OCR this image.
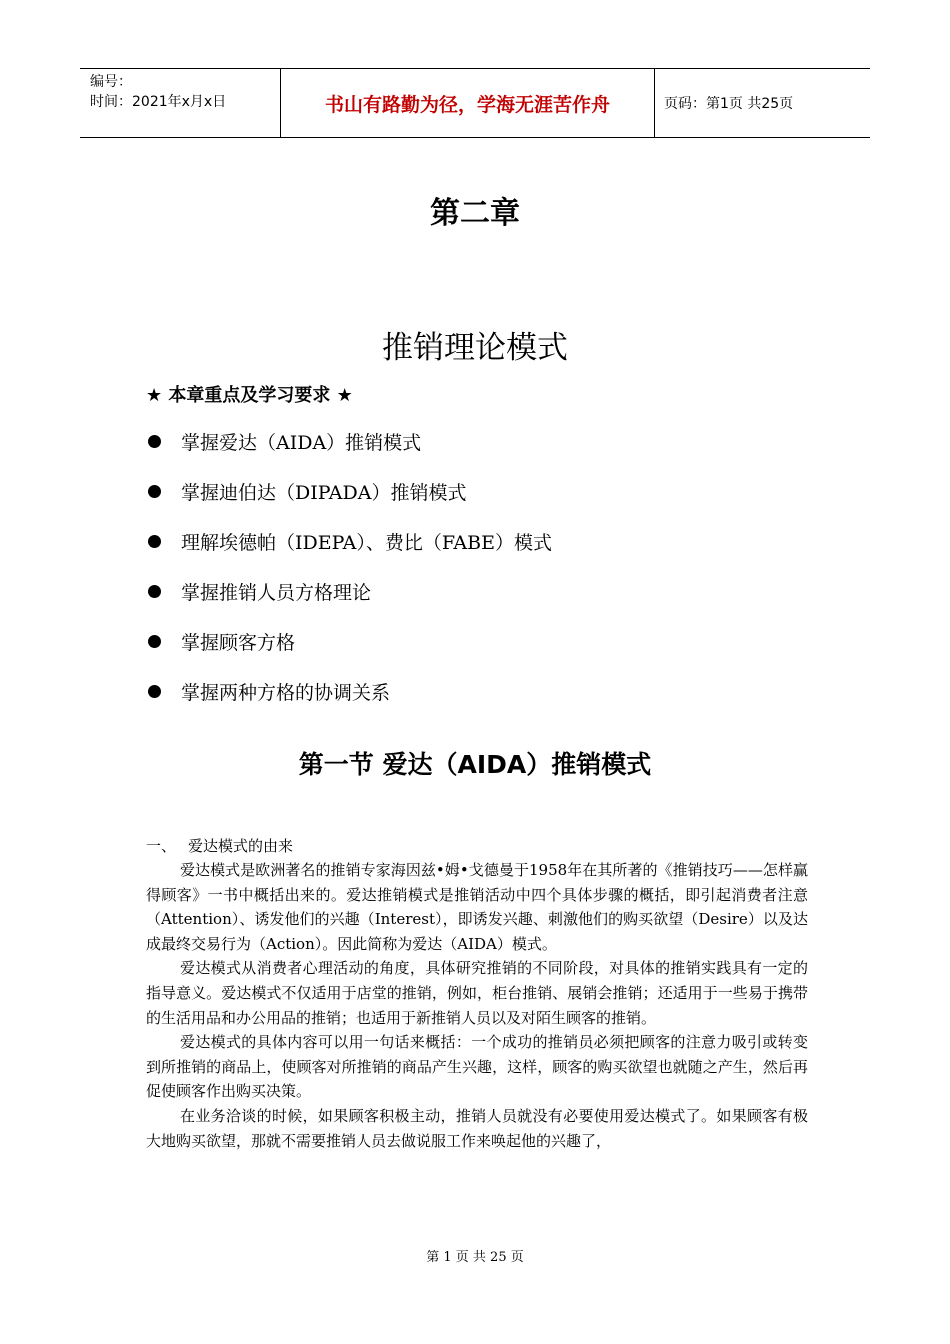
编号：
时间：2021年x月x日	书山有路勤为径，学海无涯苦作舟	页码：第1页 共25页
第二章
推销理论模式
★ 本章重点及学习要求 ★
掌握爱达（AIDA）推销模式
掌握迪伯达（DIPADA）推销模式
理解埃德帕（IDEPA）、费比（FABE）模式
掌握推销人员方格理论
掌握顾客方格
掌握两种方格的协调关系
第一节 爱达（AIDA）推销模式
一、 爱达模式的由来

爱达模式是欧洲著名的推销专家海因兹•姆•戈德曼于1958年在其所著的《推销技巧——怎样赢得顾客》一书中概括出来的。爱达推销模式是推销活动中四个具体步骤的概括，即引起消费者注意（Attention）、诱发他们的兴趣（Interest），即诱发兴趣、刺激他们的购买欲望（Desire）以及达成最终交易行为（Action）。因此简称为爱达（AIDA）模式。

爱达模式从消费者心理活动的角度，具体研究推销的不同阶段，对具体的推销实践具有一定的指导意义。爱达模式不仅适用于店堂的推销，例如，柜台推销、展销会推销；还适用于一些易于携带的生活用品和办公用品的推销；也适用于新推销人员以及对陌生顾客的推销。

爱达模式的具体内容可以用一句话来概括：一个成功的推销员必须把顾客的注意力吸引或转变到所推销的商品上，使顾客对所推销的商品产生兴趣，这样，顾客的购买欲望也就随之产生，然后再促使顾客作出购买决策。

在业务洽谈的时候，如果顾客积极主动，推销人员就没有必要使用爱达模式了。如果顾客有极大地购买欲望，那就不需要推销人员去做说服工作来唤起他的兴趣了，

第 1 页 共 25 页
